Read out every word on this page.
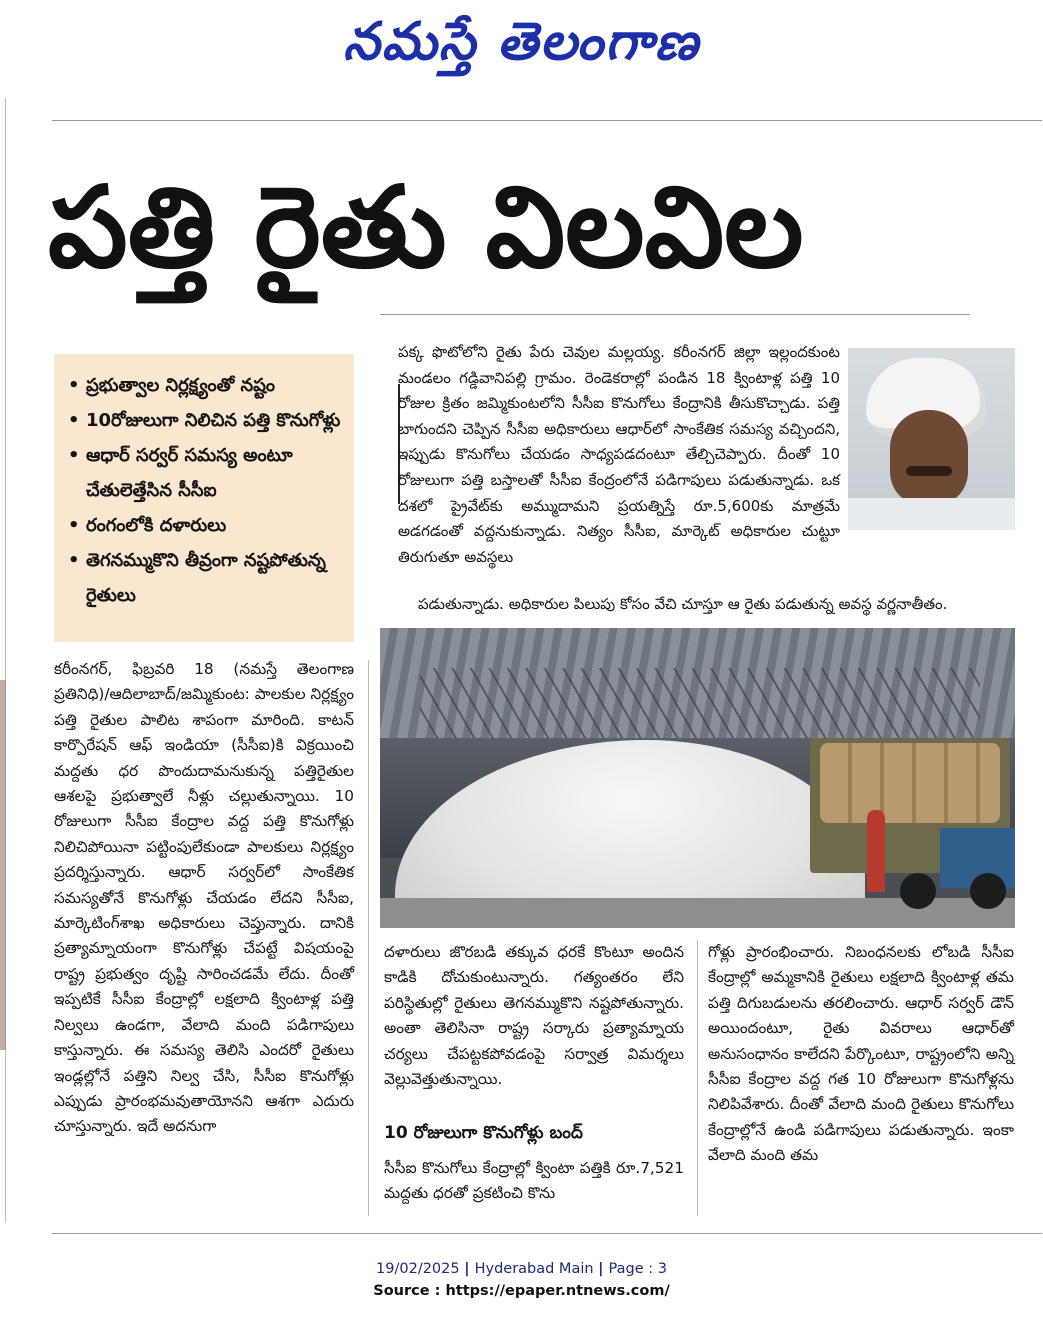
నమస్తే తెలంగాణ
పత్తి రైతు విలవిల
• ప్రభుత్వాల నిర్లక్ష్యంతో నష్టం
• 10రోజులుగా నిలిచిన పత్తి కొనుగోళ్లు
• ఆధార్ సర్వర్ సమస్య అంటూ చేతులెత్తేసిన సీసీఐ
• రంగంలోకి దళారులు
• తెగనమ్ముకొని తీవ్రంగా నష్టపోతున్న రైతులు
పక్క ఫొటోలోని రైతు పేరు చెవుల మల్లయ్య. కరీంనగర్ జిల్లా ఇల్లందకుంట మండలం గడ్డివానిపల్లి గ్రామం. రెండెకరాల్లో పండిన 18 క్వింటాళ్ల పత్తి 10 రోజుల క్రితం జమ్మికుంటలోని సీసీఐ కొనుగోలు కేంద్రానికి తీసుకొచ్చాడు. పత్తి బాగుందని చెప్పిన సీసీఐ అధికారులు ఆధార్‌లో సాంకేతిక సమస్య వచ్చిందని, ఇప్పుడు కొనుగోలు చేయడం సాధ్యపడదంటూ తేల్చిచెప్పారు. దీంతో 10 రోజులుగా పత్తి బస్తాలతో సీసీఐ కేంద్రంలోనే పడిగాపులు పడుతున్నాడు. ఒక దశలో ప్రైవేట్‌కు అమ్ముదామని ప్రయత్నిస్తే రూ.5,600కు మాత్రమే అడగడంతో వద్దనుకున్నాడు. నిత్యం సీసీఐ, మార్కెట్ అధికారుల చుట్టూ తిరుగుతూ అవస్థలు
పడుతున్నాడు. అధికారుల పిలుపు కోసం వేచి చూస్తూ ఆ రైతు పడుతున్న అవస్థ వర్ణనాతీతం.
కరీంనగర్, ఫిబ్రవరి 18 (నమస్తే తెలంగాణ ప్రతినిధి)/ఆదిలాబాద్/జమ్మికుంట: పాలకుల నిర్లక్ష్యం పత్తి రైతుల పాలిట శాపంగా మారింది. కాటన్ కార్పొరేషన్ ఆఫ్ ఇండియా (సీసీఐ)కి విక్రయించి మద్దతు ధర పొందుదామనుకున్న పత్తిరైతుల ఆశలపై ప్రభుత్వాలే నీళ్లు చల్లుతున్నాయి. 10 రోజులుగా సీసీఐ కేంద్రాల వద్ద పత్తి కొనుగోళ్లు నిలిచిపోయినా పట్టింపులేకుండా పాలకులు నిర్లక్ష్యం ప్రదర్శిస్తున్నారు. ఆధార్ సర్వర్‌లో సాంకేతిక సమస్యతోనే కొనుగోళ్లు చేయడం లేదని సీసీఐ, మార్కెటింగ్‌శాఖ అధికారులు చెప్తున్నారు. దానికి ప్రత్యామ్నాయంగా కొనుగోళ్లు చేపట్టే విషయంపై రాష్ట్ర ప్రభుత్వం దృష్టి సారించడమే లేదు. దీంతో ఇప్పటికే సీసీఐ కేంద్రాల్లో లక్షలాది క్వింటాళ్ల పత్తి నిల్వలు ఉండగా, వేలాది మంది పడిగాపులు కాస్తున్నారు. ఈ సమస్య తెలిసి ఎందరో రైతులు ఇండ్లల్లోనే పత్తిని నిల్వ చేసి, సీసీఐ కొనుగోళ్లు ఎప్పుడు ప్రారంభమవుతాయోనని ఆశగా ఎదురు చూస్తున్నారు. ఇదే అదనుగా
దళారులు జొరబడి తక్కువ ధరకే కొంటూ అందిన కాడికి దోచుకుంటున్నారు. గత్యంతరం లేని పరిస్థితుల్లో రైతులు తెగనమ్ముకొని నష్టపోతున్నారు. అంతా తెలిసినా రాష్ట్ర సర్కారు ప్రత్యామ్నాయ చర్యలు చేపట్టకపోవడంపై సర్వాత్ర విమర్శలు వెల్లువెత్తుతున్నాయి.
10 రోజులుగా కొనుగోళ్లు బంద్
సీసీఐ కొనుగోలు కేంద్రాల్లో క్వింటా పత్తికి రూ.7,521 మద్దతు ధరతో ప్రకటించి కొను
గోళ్లు ప్రారంభించారు. నిబంధనలకు లోబడి సీసీఐ కేంద్రాల్లో అమ్మకానికి రైతులు లక్షలాది క్వింటాళ్ల తమ పత్తి దిగుబడులను తరలించారు. ఆధార్ సర్వర్ డౌన్ అయిందంటూ, రైతు వివరాలు ఆధార్‌తో అనుసంధానం కాలేదని పేర్కొంటూ, రాష్ట్రంలోని అన్ని సీసీఐ కేంద్రాల వద్ద గత 10 రోజులుగా కొనుగోళ్లను నిలిపివేశారు. దీంతో వేలాది మంది రైతులు కొనుగోలు కేంద్రాల్లోనే ఉండి పడిగాపులు పడుతున్నారు. ఇంకా వేలాది మంది తమ
19/02/2025 | Hyderabad Main | Page : 3
Source : https://epaper.ntnews.com/
